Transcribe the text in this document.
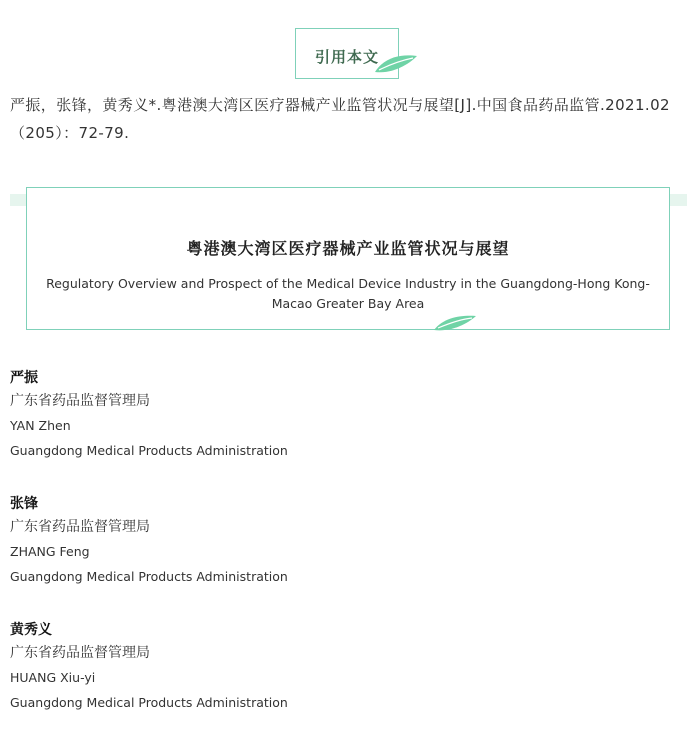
引用本文
严振，张锋，黄秀义*.粤港澳大湾区医疗器械产业监管状况与展望[J].中国食品药品监管.2021.02（205）：72-79.
粤港澳大湾区医疗器械产业监管状况与展望
Regulatory Overview and Prospect of the Medical Device Industry in the Guangdong-Hong Kong-Macao Greater Bay Area
严振
广东省药品监督管理局
YAN Zhen
Guangdong Medical Products Administration
张锋
广东省药品监督管理局
ZHANG Feng
Guangdong Medical Products Administration
黄秀义
广东省药品监督管理局
HUANG Xiu-yi
Guangdong Medical Products Administration
